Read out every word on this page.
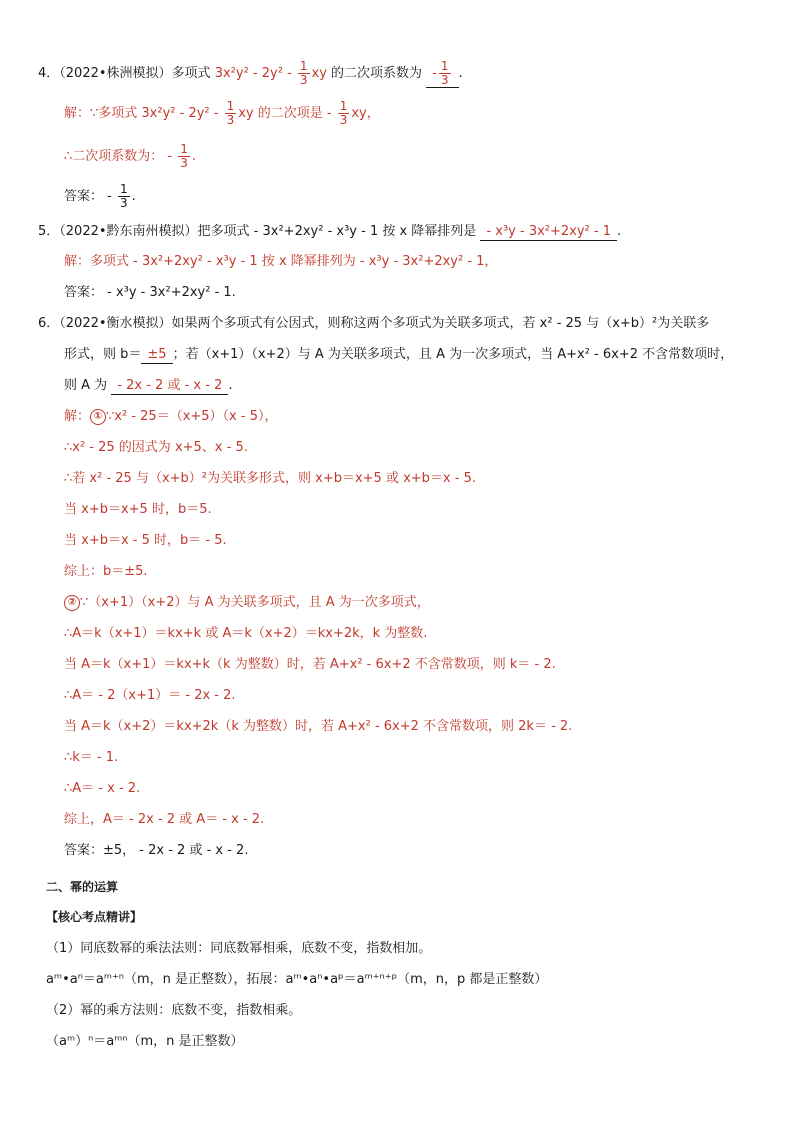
4．（2022•株洲模拟）多项式 $3x^2y^2 - 2y^2 - \frac{1}{3}$ xy 的二次项系数为 - $\frac{1}{3}$ .
解：∵多项式 $3x^2y^2 - 2y^2 - \frac{1}{3}$ xy 的二次项是 - $\frac{1}{3}$ xy，
∴二次项系数为： - $\frac{1}{3}$ .
答案： - $\frac{1}{3}$ .
5．（2022•黔东南州模拟）把多项式 - 3x²+2xy² - x³y - 1 按 x 降幂排列是 - x³y - 3x²+2xy² - 1 .
解：多项式 - 3x²+2xy² - x³y - 1 按 x 降幂排列为 - x³y - 3x²+2xy² - 1，
答案： - x³y - 3x²+2xy² - 1.
6．（2022•衡水模拟）如果两个多项式有公因式，则称这两个多项式为关联多项式，若 x² - 25 与（x+b）²为关联多
形式，则 b＝ ±5 ；若（x+1）（x+2）与 A 为关联多项式，且 A 为一次多项式，当 A+x² - 6x+2 不含常数项时，
则 A 为 - 2x - 2 或 - x - 2 .
解： ① ∵x² - 25＝（x+5）（x - 5），
∴x² - 25 的因式为 x+5、x - 5.
∴若 x² - 25 与（x+b）²为关联多形式，则 x+b＝x+5 或 x+b＝x - 5.
当 x+b＝x+5 时，b＝5.
当 x+b＝x - 5 时，b＝ - 5.
综上：b＝±5.
② ∵（x+1）（x+2）与 A 为关联多项式，且 A 为一次多项式，
∴A＝k（x+1）＝kx+k 或 A＝k（x+2）＝kx+2k，k 为整数.
当 A＝k（x+1）＝kx+k（k 为整数）时，若 A+x² - 6x+2 不含常数项，则 k＝ - 2.
∴A＝ - 2（x+1）＝ - 2x - 2.
当 A＝k（x+2）＝kx+2k（k 为整数）时，若 A+x² - 6x+2 不含常数项，则 2k＝ - 2.
∴k＝ - 1.
∴A＝ - x - 2.
综上，A＝ - 2x - 2 或 A＝ - x - 2.
答案：±5， - 2x - 2 或 - x - 2.
二、幂的运算
【核心考点精讲】
（1）同底数幂的乘法法则：同底数幂相乘，底数不变，指数相加。
aᵐ•aⁿ＝aᵐ⁺ⁿ（m，n 是正整数），拓展：aᵐ•aⁿ•aᵖ＝aᵐ⁺ⁿ⁺ᵖ（m，n，p 都是正整数）
（2）幂的乘方法则：底数不变，指数相乘。
（aᵐ）ⁿ＝aᵐⁿ（m，n 是正整数）
